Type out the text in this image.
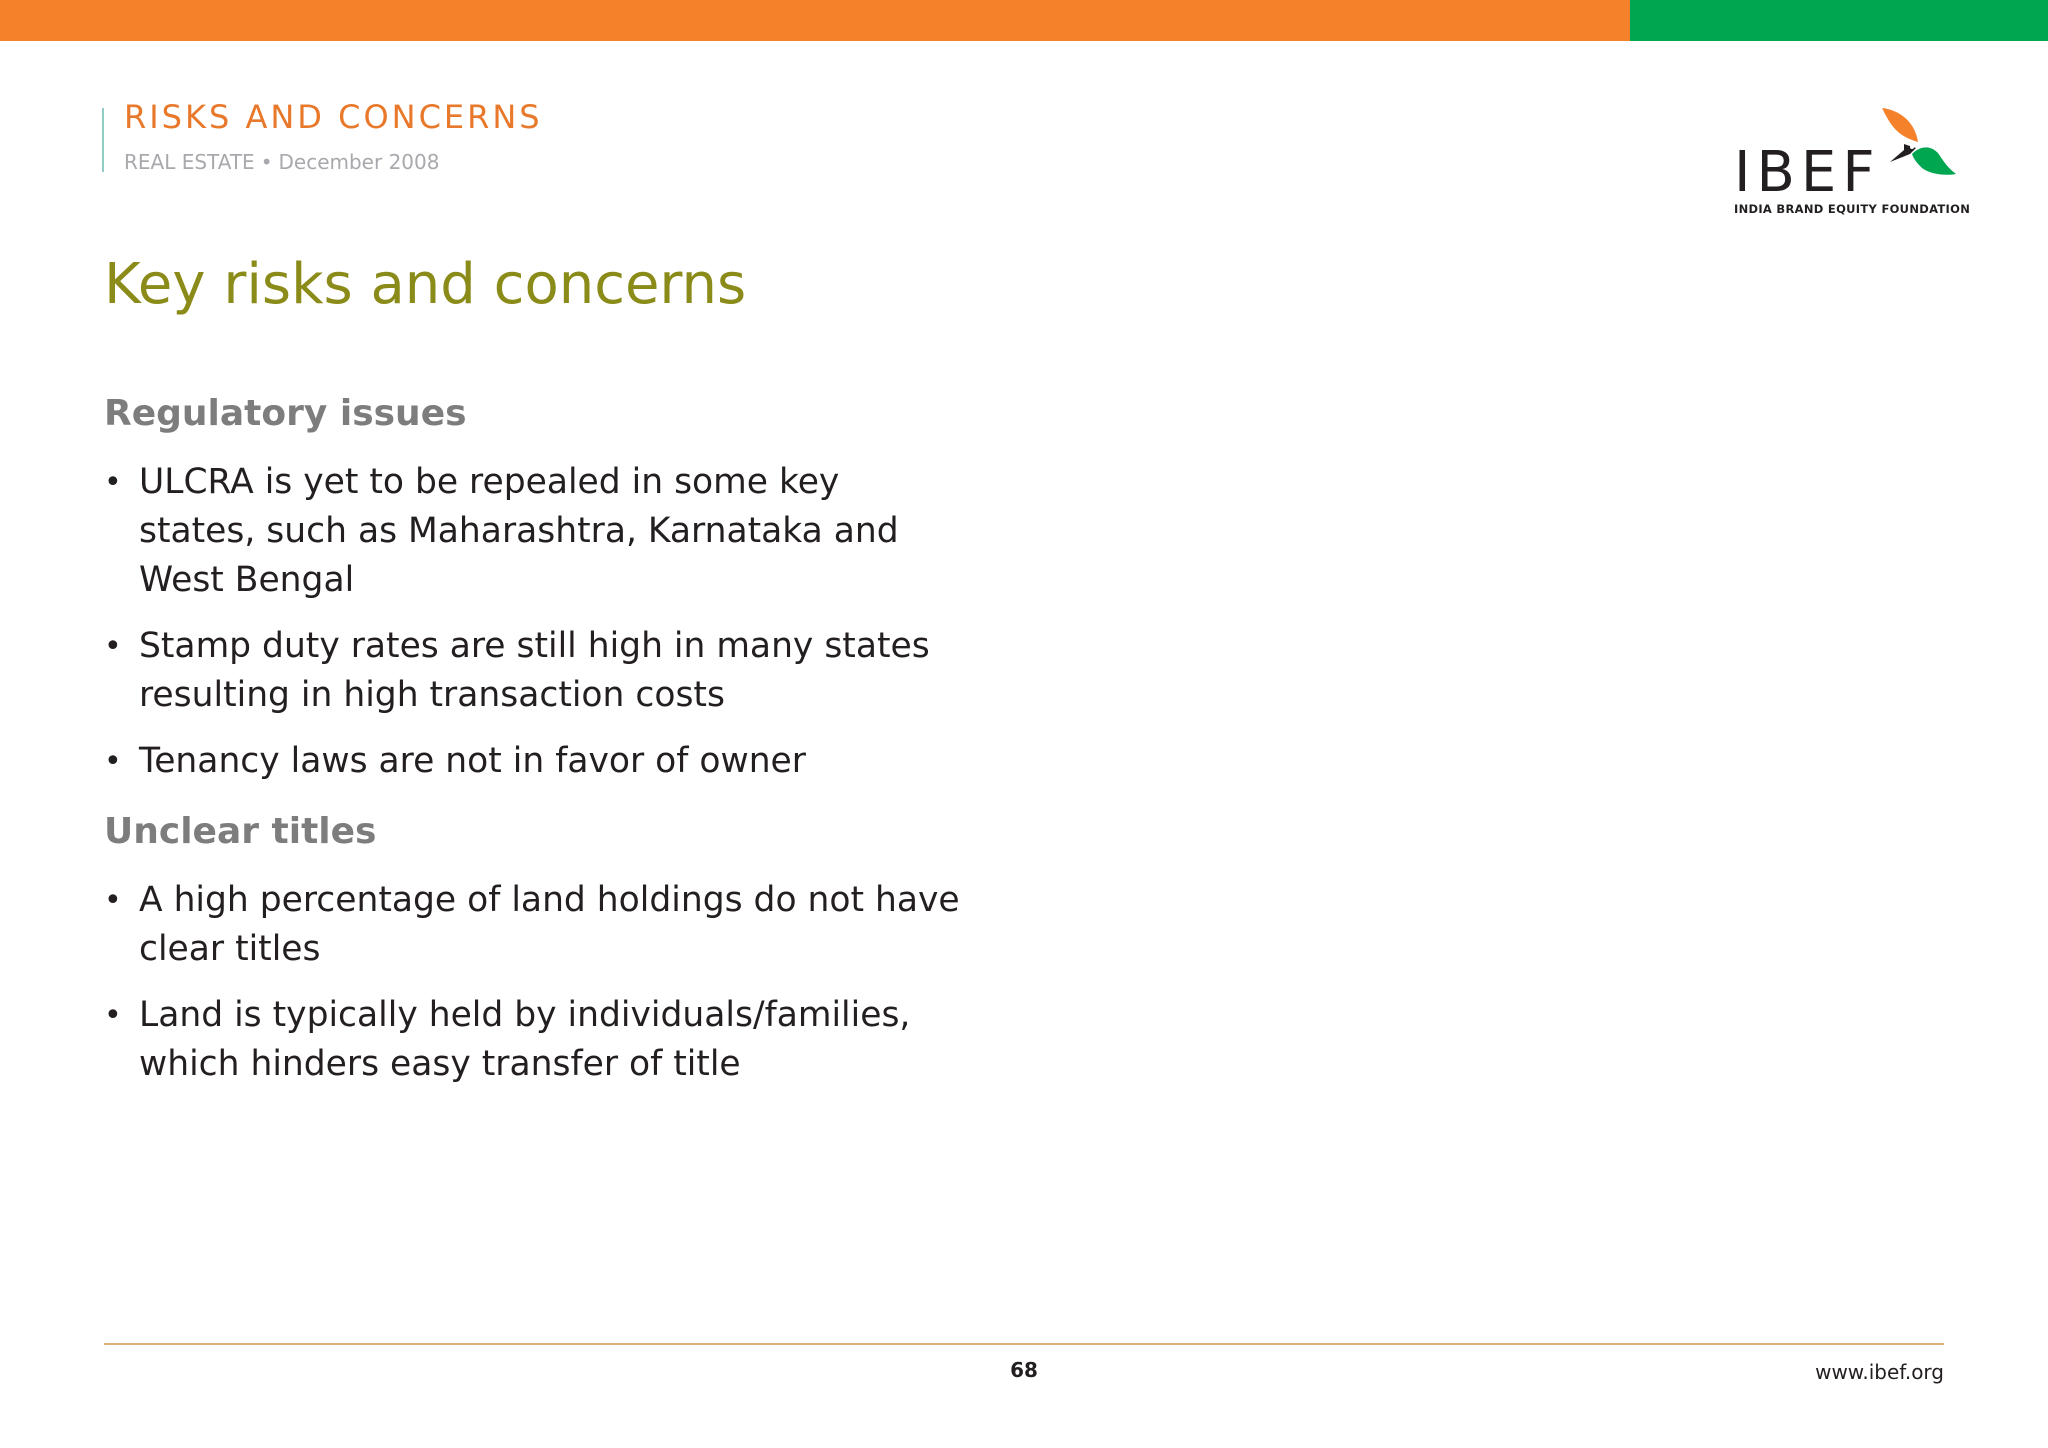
RISKS AND CONCERNS
REAL ESTATE • December 2008	IBEF
INDIA BRAND EQUITY FOUNDATION
Key risks and concerns
Regulatory issues
• ULCRA is yet to be repealed in some key states, such as Maharashtra, Karnataka and West Bengal
• Stamp duty rates are still high in many states resulting in high transaction costs
• Tenancy laws are not in favor of owner
Unclear titles
• A high percentage of land holdings do not have clear titles
• Land is typically held by individuals/families, which hinders easy transfer of title
68	www.ibef.org
